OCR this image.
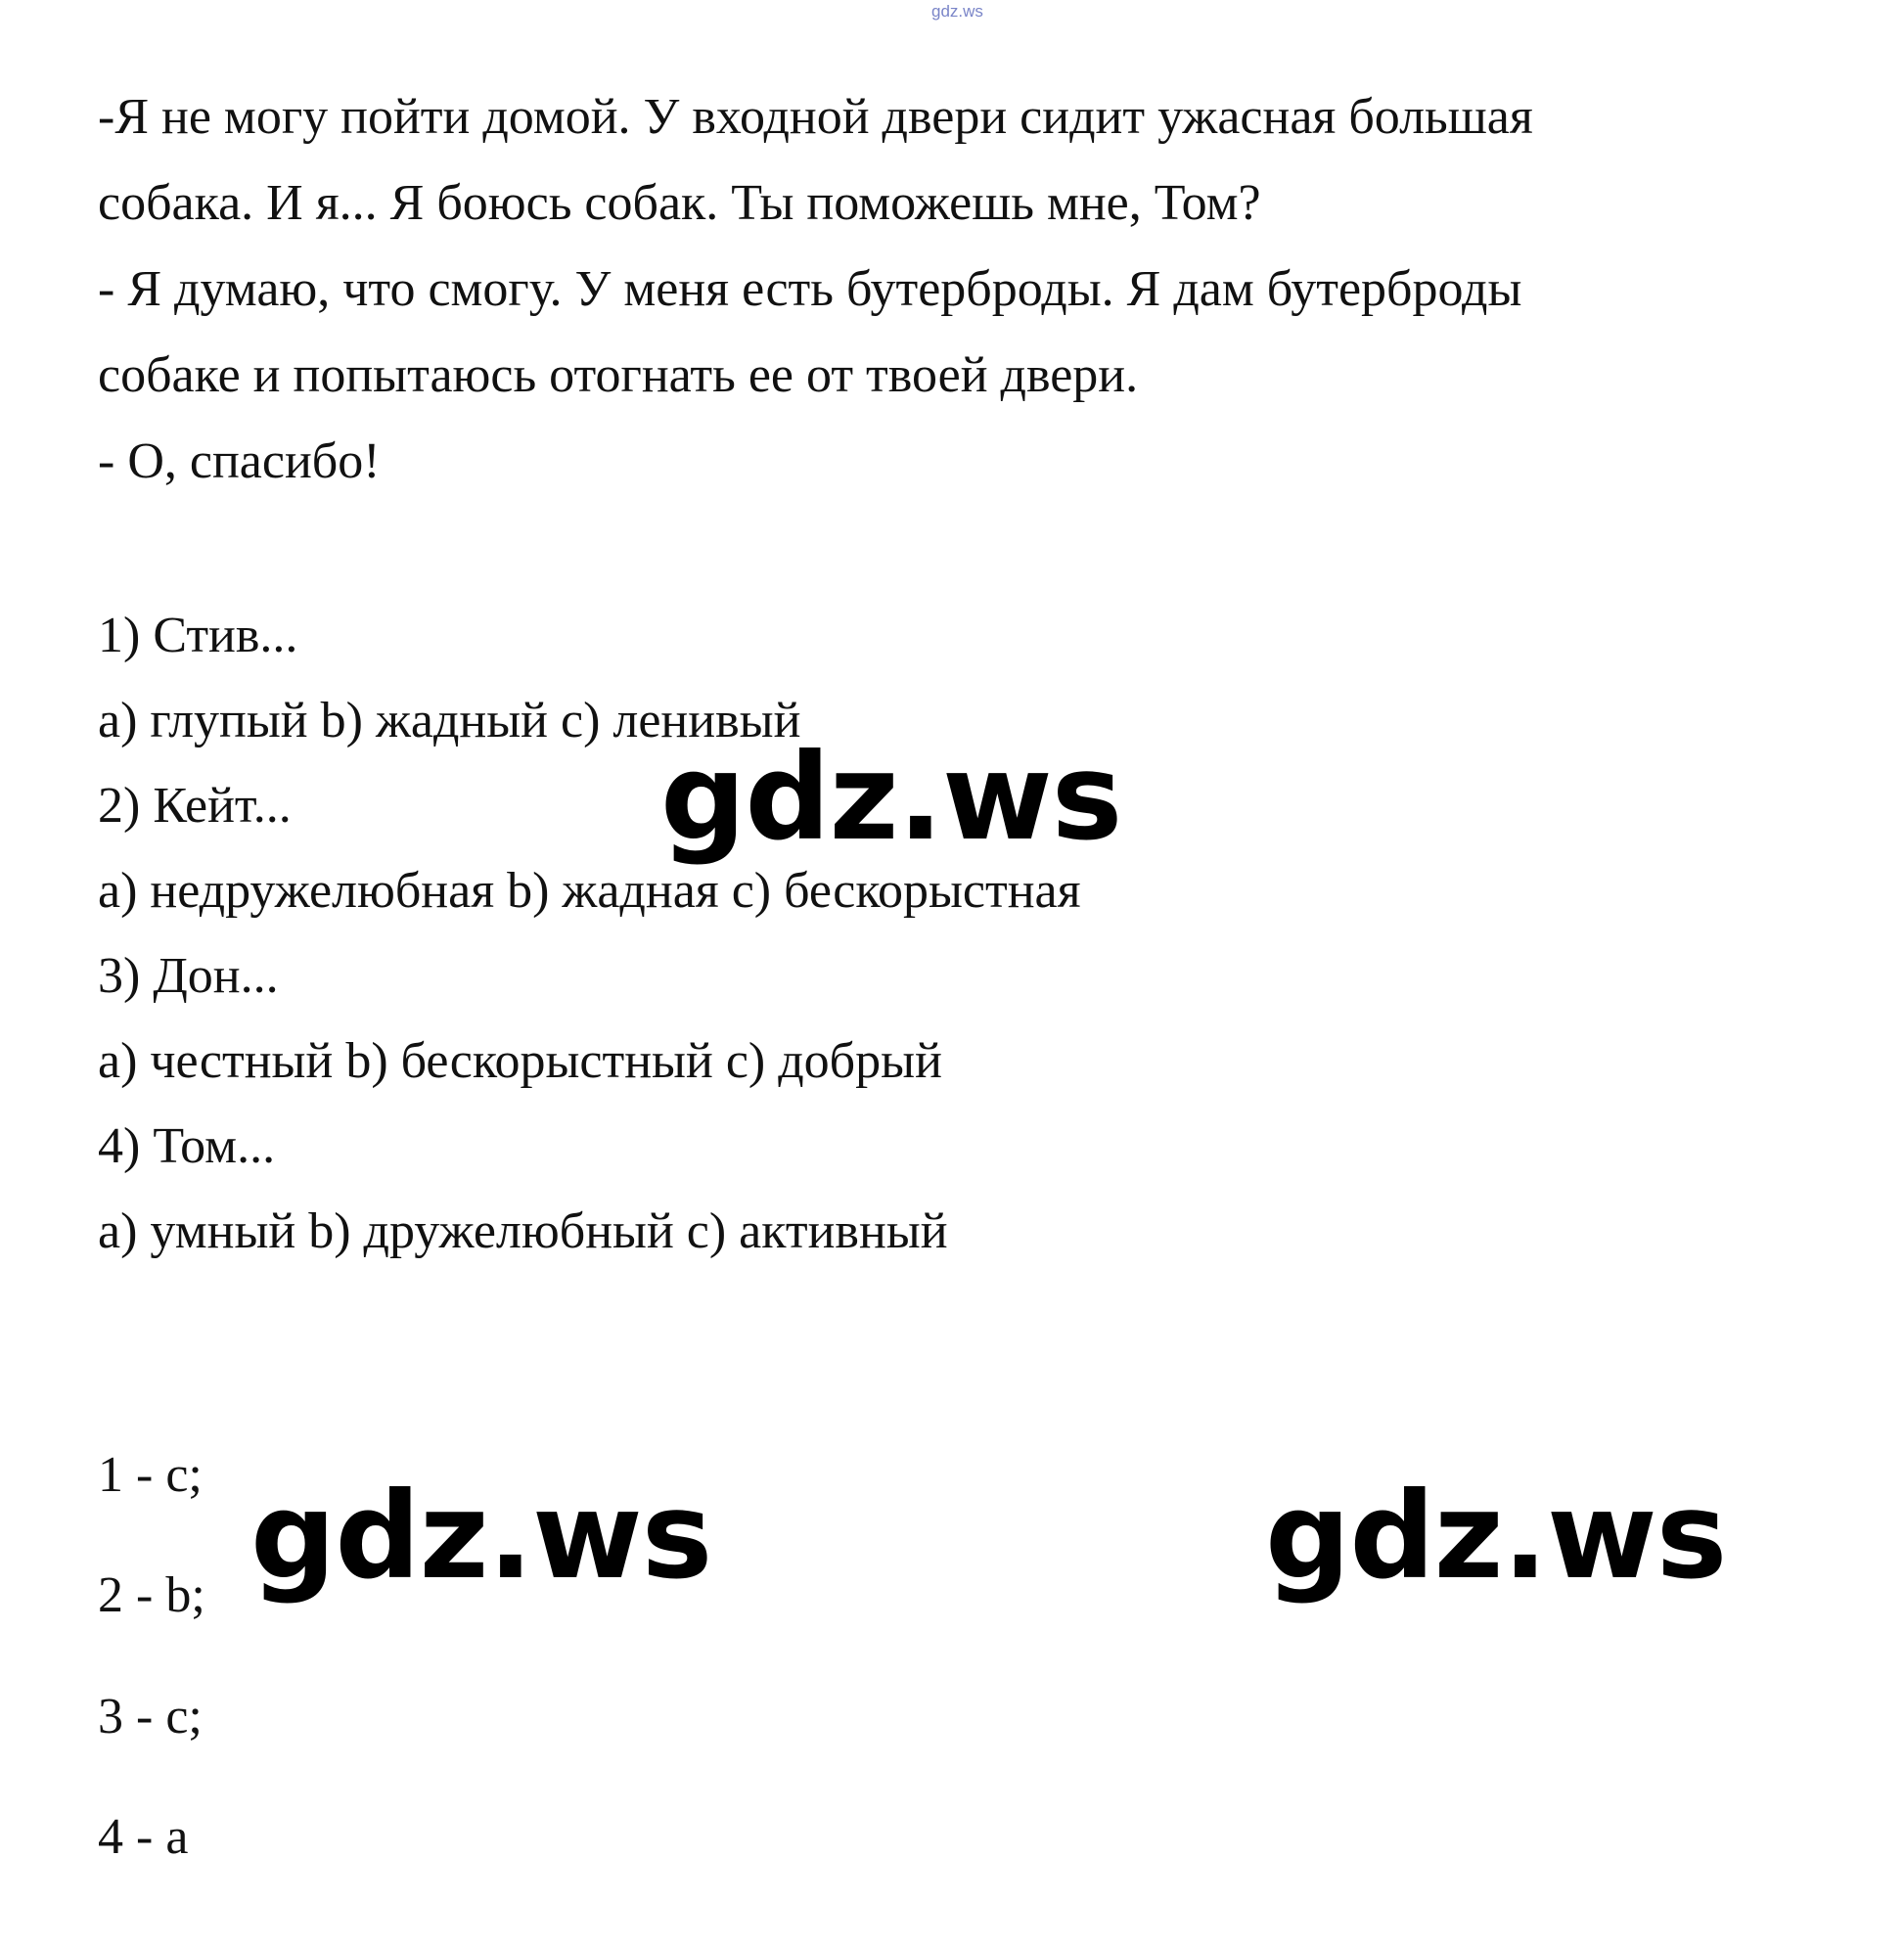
gdz.ws
-Я не могу пойти домой. У входной двери сидит ужасная большая
собака. И я... Я боюсь собак. Ты поможешь мне, Том?
- Я думаю, что смогу. У меня есть бутерброды. Я дам бутерброды
собаке и попытаюсь отогнать ее от твоей двери.
- О, спасибо!
1) Стив...
a) глупый b) жадный c) ленивый
2) Кейт...
a) недружелюбная b) жадная c) бескорыстная
3) Дон...
a) честный b) бескорыстный c) добрый
4) Том...
a) умный b) дружелюбный c) активный
1 - c;
2 - b;
3 - c;
4 - a
gdz.ws
gdz.ws	gdz.ws
